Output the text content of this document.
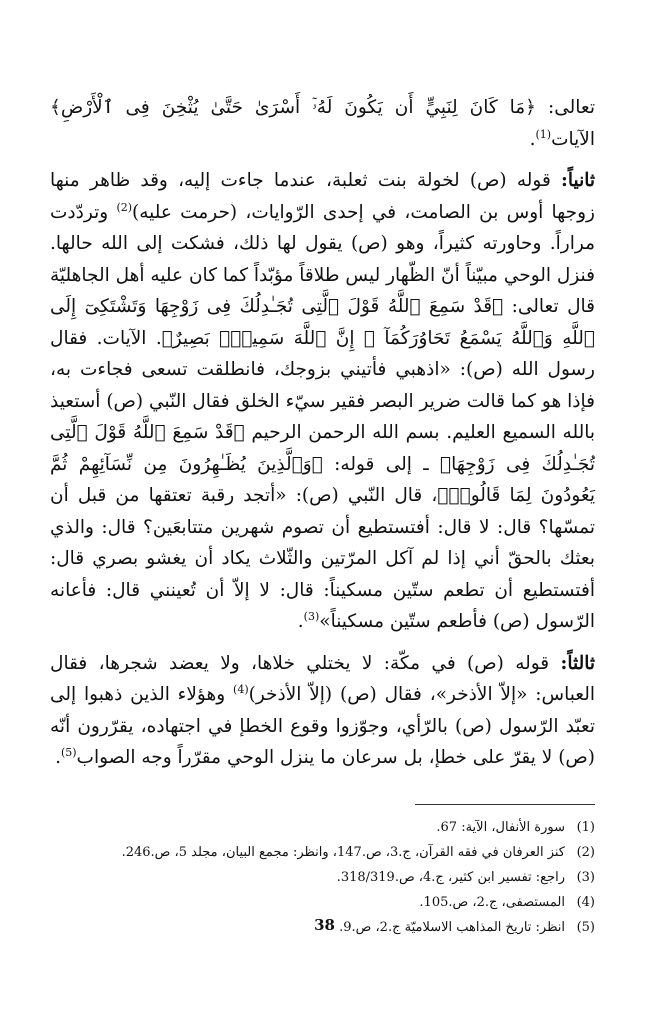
تعالى: ﴿مَا كَانَ لِنَبِيٍّ أَن يَكُونَ لَهُۥٓ أَسْرَىٰ حَتَّىٰ يُثْخِنَ فِى ٱلْأَرْضِ﴾ الآيات$^{(1)}$.

ثانياً: قوله (ص) لخولة بنت ثعلبة، عندما جاءت إليه، وقد ظاهر منها زوجها أوس بن الصامت، في إحدى الرّوايات، (حرمت عليه)$^{(2)}$ وتردّدت مراراً. وحاورته كثيراً، وهو (ص) يقول لها ذلك، فشكت إلى الله حالها. فنزل الوحي مبيّناً أنّ الظّهار ليس طلاقاً مؤبّداً كما كان عليه أهل الجاهليّة قال تعالى: ﴿قَدْ سَمِعَ ٱللَّهُ قَوْلَ ٱلَّتِى تُجَـٰدِلُكَ فِى زَوْجِهَا وَتَشْتَكِىٓ إِلَى ٱللَّهِ وَٱللَّهُ يَسْمَعُ تَحَاوُرَكُمَآ ۚ إِنَّ ٱللَّهَ سَمِيعٌۢ بَصِيرٌ﴾. الآيات. فقال رسول الله (ص): «اذهبي فأتيني بزوجك، فانطلقت تسعى فجاءت به، فإذا هو كما قالت ضرير البصر فقير سيّء الخلق فقال النّبي (ص) أستعيذ بالله السميع العليم. بسم الله الرحمن الرحيم ﴿قَدْ سَمِعَ ٱللَّهُ قَوْلَ ٱلَّتِى تُجَـٰدِلُكَ فِى زَوْجِهَا﴾ ـ إلى قوله: ﴿وَٱلَّذِينَ يُظَـٰهِرُونَ مِن نِّسَآئِهِمْ ثُمَّ يَعُودُونَ لِمَا قَالُوا۟﴾، قال النّبي (ص): «أتجد رقبة تعتقها من قبل أن تمسّها؟ قال: لا قال: أفتستطيع أن تصوم شهرين متتابعَين؟ قال: والذي بعثك بالحقّ أني إذا لم آكل المرّتين والثّلاث يكاد أن يغشو بصري قال: أفتستطيع أن تطعم ستّين مسكيناً: قال: لا إلاّ أن تُعينني قال: فأعانه الرّسول (ص) فأطعم ستّين مسكيناً»$^{(3)}$.

ثالثاً: قوله (ص) في مكّة: لا يختلي خلاها، ولا يعضد شجرها، فقال العباس: «إلاّ الأذخر»، فقال (ص) (إلاّ الأذخر)$^{(4)}$ وهؤلاء الذين ذهبوا إلى تعبّد الرّسول (ص) بالرّأي، وجوّزوا وقوع الخطإ في اجتهاده، يقرّرون أنّه (ص) لا يقرّ على خطإ، بل سرعان ما ينزل الوحي مقرّراً وجه الصواب$^{(5)}$.

(1)
سورة الأنفال، الآية: 67.

(2)
كنز العرفان في فقه القرآن، ج.3، ص.147، وانظر: مجمع البيان، مجلد 5، ص.246.

(3)
راجع: تفسير ابن كثير، ج.4، ص.318/319.

(4)
المستصفى، ج.2، ص.105.

(5)
انظر: تاريخ المذاهب الاسلاميّة ج.2، ص.9.

38
